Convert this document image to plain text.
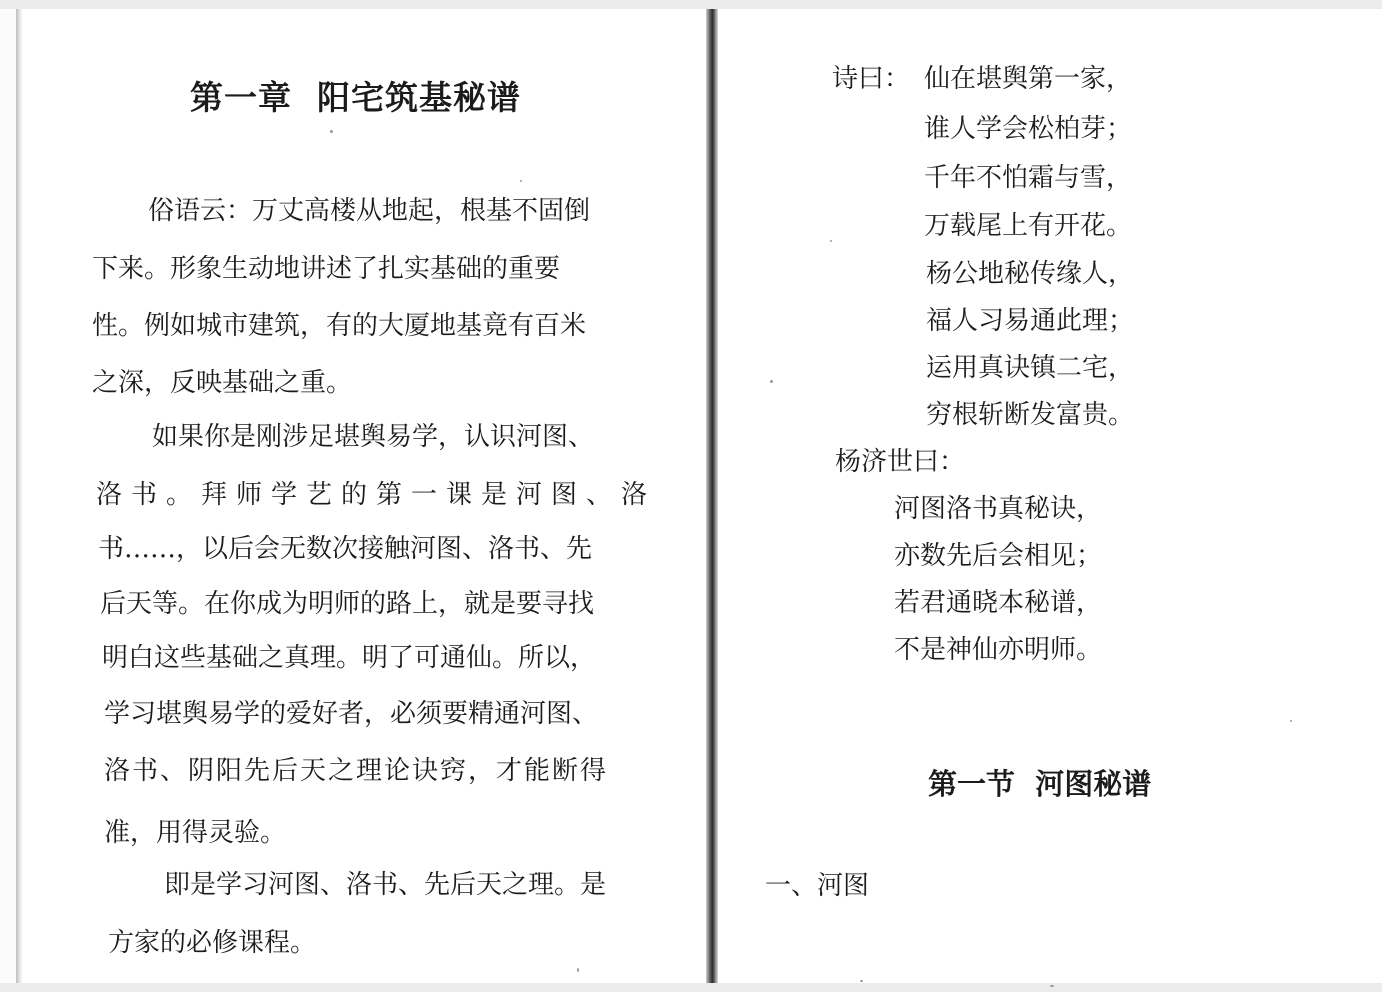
第一章  阳宅筑基秘谱

俗语云：万丈高楼从地起，根基不固倒

下来。形象生动地讲述了扎实基础的重要

性。例如城市建筑，有的大厦地基竟有百米

之深，反映基础之重。

如果你是刚涉足堪舆易学，认识河图、

洛书。拜师学艺的第一课是河图、洛

书……，以后会无数次接触河图、洛书、先

后天等。在你成为明师的路上，就是要寻找

明白这些基础之真理。明了可通仙。所以，

学习堪舆易学的爱好者，必须要精通河图、

洛书、阴阳先后天之理论诀窍，才能断得

准，用得灵验。

即是学习河图、洛书、先后天之理。是

方家的必修课程。

诗曰： 仙在堪舆第一家，
谁人学会松柏芽；
千年不怕霜与雪，
万载尾上有开花。
杨公地秘传缘人，
福人习易通此理；
运用真诀镇二宅，
穷根斩断发富贵。
杨济世曰：
河图洛书真秘诀，
亦数先后会相见；
若君通晓本秘谱，
不是神仙亦明师。
第一节  河图秘谱
一、河图
